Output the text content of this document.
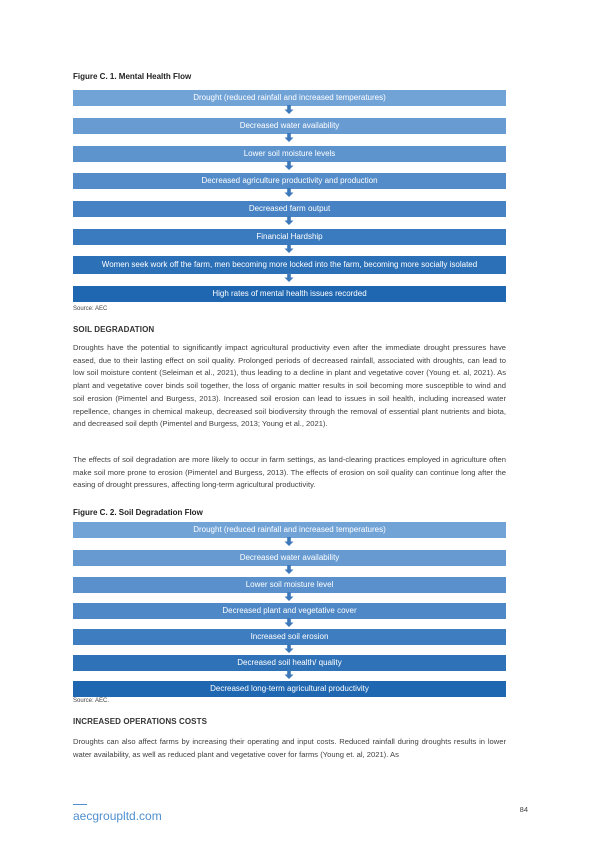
Figure C. 1. Mental Health Flow
Drought (reduced rainfall and increased temperatures)
Decreased water availability
Lower soil moisture levels
Decreased agriculture productivity and production
Decreased farm output
Financial Hardship
Women seek work off the farm, men becoming more locked into the farm, becoming more socially isolated
High rates of mental health issues recorded
Source: AEC
SOIL DEGRADATION

Droughts have the potential to significantly impact agricultural productivity even after the immediate drought pressures have eased, due to their lasting effect on soil quality. Prolonged periods of decreased rainfall, associated with droughts, can lead to low soil moisture content (Seleiman et al., 2021), thus leading to a decline in plant and vegetative cover (Young et. al, 2021). As plant and vegetative cover binds soil together, the loss of organic matter results in soil becoming more susceptible to wind and soil erosion (Pimentel and Burgess, 2013). Increased soil erosion can lead to issues in soil health, including increased water repellence, changes in chemical makeup, decreased soil biodiversity through the removal of essential plant nutrients and biota, and decreased soil depth (Pimentel and Burgess, 2013; Young et al., 2021).

The effects of soil degradation are more likely to occur in farm settings, as land-clearing practices employed in agriculture often make soil more prone to erosion (Pimentel and Burgess, 2013). The effects of erosion on soil quality can continue long after the easing of drought pressures, affecting long-term agricultural productivity.

Figure C. 2. Soil Degradation Flow
Drought (reduced rainfall and increased temperatures)
Decreased water availability
Lower soil moisture level
Decreased plant and vegetative cover
Increased soil erosion
Decreased soil health/ quality
Decreased long-term agricultural productivity
Source: AEC.
INCREASED OPERATIONS COSTS

Droughts can also affect farms by increasing their operating and input costs. Reduced rainfall during droughts results in lower water availability, as well as reduced plant and vegetative cover for farms (Young et. al, 2021). As

aecgroupltd.com	84
